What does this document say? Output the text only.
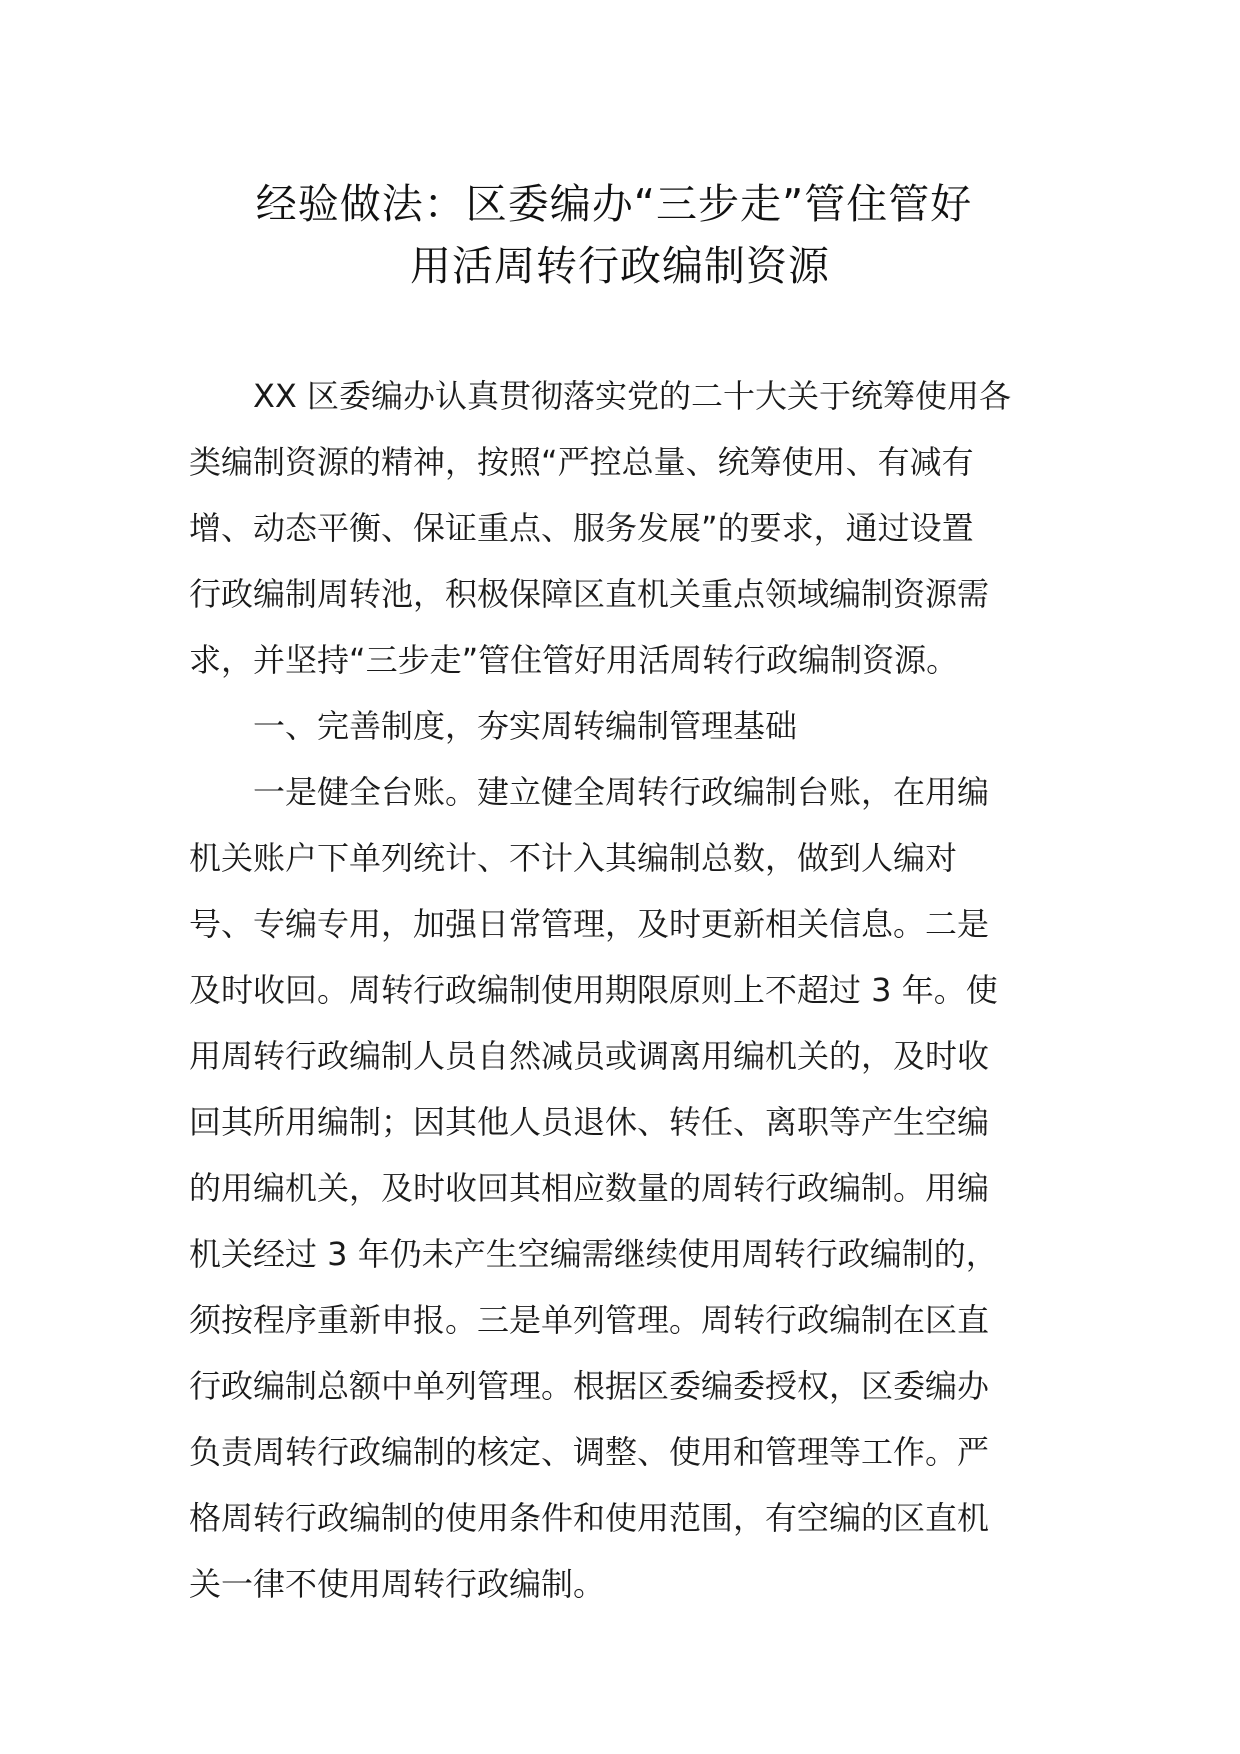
经验做法：区委编办“三步走”管住管好
用活周转行政编制资源
XX 区委编办认真贯彻落实党的二十大关于统筹使用各
类编制资源的精神，按照“严控总量、统筹使用、有减有
增、动态平衡、保证重点、服务发展”的要求，通过设置
行政编制周转池，积极保障区直机关重点领域编制资源需
求，并坚持“三步走”管住管好用活周转行政编制资源。
一、完善制度，夯实周转编制管理基础
一是健全台账。建立健全周转行政编制台账，在用编
机关账户下单列统计、不计入其编制总数，做到人编对
号、专编专用，加强日常管理，及时更新相关信息。二是
及时收回。周转行政编制使用期限原则上不超过 3 年。使
用周转行政编制人员自然减员或调离用编机关的，及时收
回其所用编制；因其他人员退休、转任、离职等产生空编
的用编机关，及时收回其相应数量的周转行政编制。用编
机关经过 3 年仍未产生空编需继续使用周转行政编制的，
须按程序重新申报。三是单列管理。周转行政编制在区直
行政编制总额中单列管理。根据区委编委授权，区委编办
负责周转行政编制的核定、调整、使用和管理等工作。严
格周转行政编制的使用条件和使用范围，有空编的区直机
关一律不使用周转行政编制。
